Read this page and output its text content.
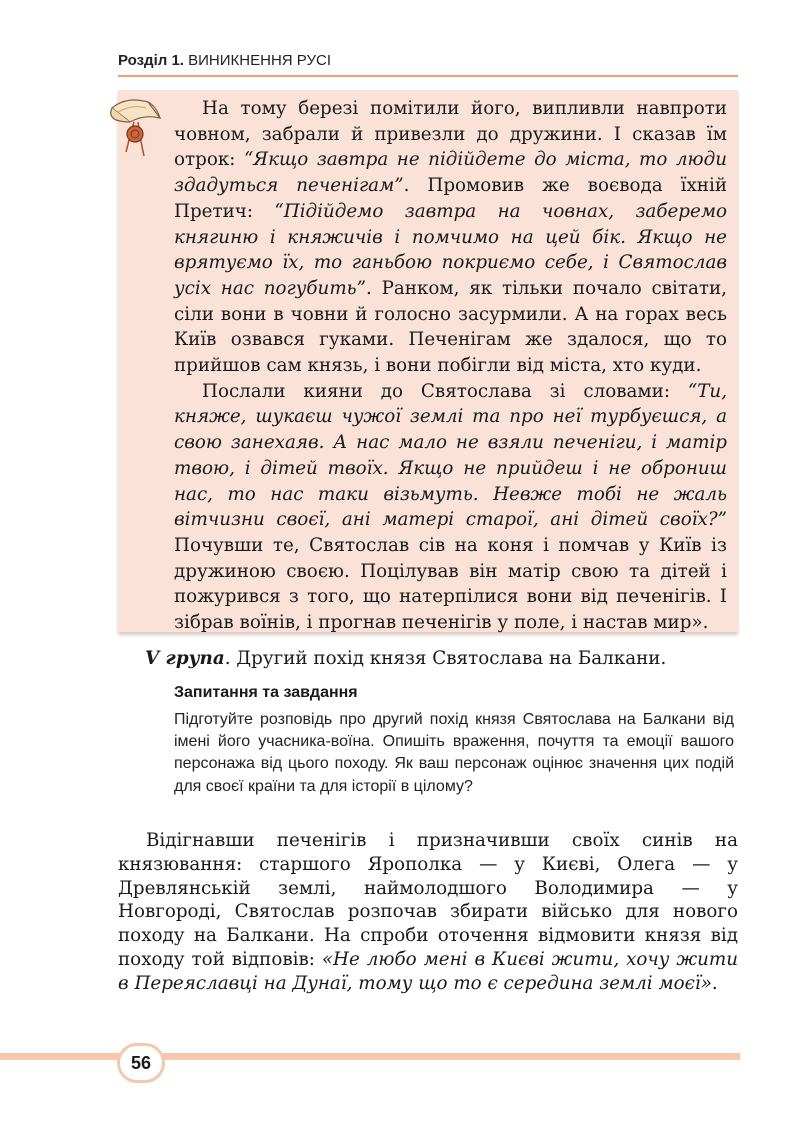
Розділ 1. ВИНИКНЕННЯ РУСІ

На тому березі помітили його, випливли навпроти човном, забрали й привезли до дружини. І сказав їм отрок: “Якщо завтра не підійдете до міста, то люди здадуться печенігам”. Промовив же воєвода їхній Претич: “Підійдемо завтра на човнах, заберемо княгиню і княжичів і помчимо на цей бік. Якщо не врятуємо їх, то ганьбою покриємо себе, і Святослав усіх нас погубить”. Ранком, як тільки почало світати, сіли вони в човни й голосно засурмили. А на горах весь Київ озвався гуками. Печенігам же здалося, що то прийшов сам князь, і вони побігли від міста, хто куди.

Послали кияни до Святослава зі словами: “Ти, княже, шукаєш чужої землі та про неї турбуєшся, а свою занехаяв. А нас мало не взяли печеніги, і матір твою, і дітей твоїх. Якщо не прийдеш і не оброниш нас, то нас таки візьмуть. Невже тобі не жаль вітчизни своєї, ані матері старої, ані дітей своїх?” Почувши те, Святослав сів на коня і помчав у Київ із дружиною своєю. Поцілував він матір свою та дітей і пожурився з того, що натерпілися вони від печенігів. І зібрав воїнів, і прогнав печенігів у поле, і настав мир».

V група. Другий похід князя Святослава на Балкани.

Запитання та завдання

Підготуйте розповідь про другий похід князя Святослава на Балкани від імені його учасника-воїна. Опишіть враження, почуття та емоції вашого персонажа від цього походу. Як ваш персонаж оцінює значення цих подій для своєї країни та для історії в цілому?

Відігнавши печенігів і призначивши своїх синів на князювання: старшого Ярополка — у Києві, Олега — у Древлянській землі, наймолодшого Володимира — у Новгороді, Святослав розпочав збирати військо для нового походу на Балкани. На спроби оточення відмовити князя від походу той відповів: «Не любо мені в Києві жити, хочу жити в Переяславці на Дунаї, тому що то є середина землі моєї».

56
